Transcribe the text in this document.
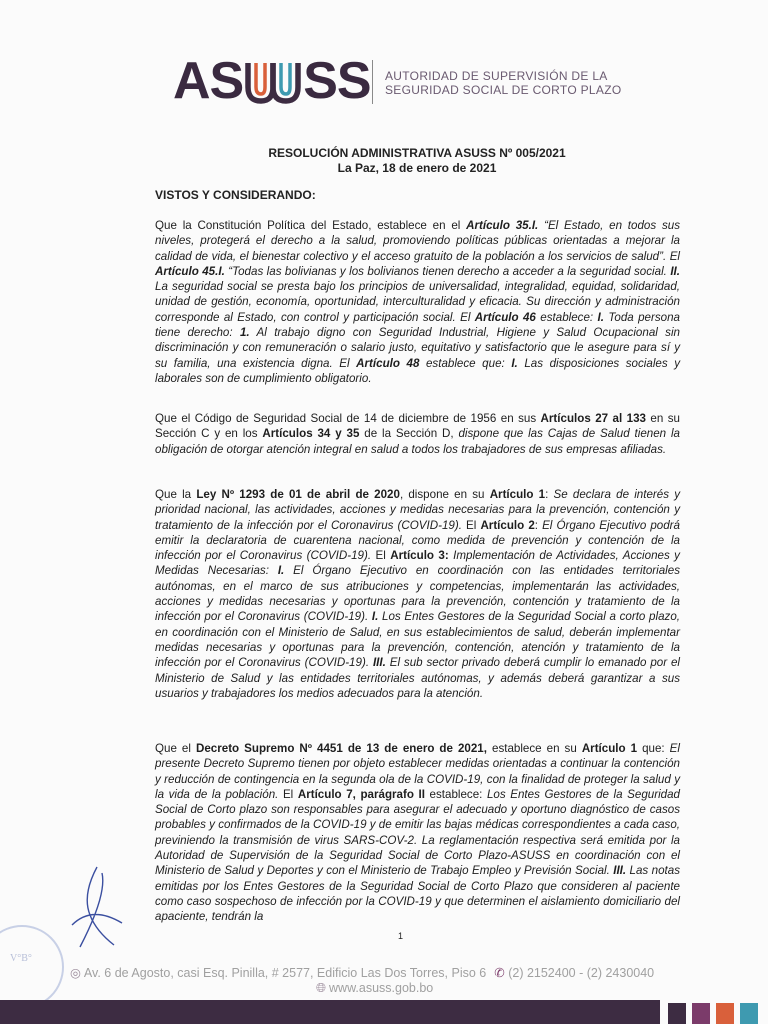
AS SS AUTORIDAD DE SUPERVISIÓN DE LA
SEGURIDAD SOCIAL DE CORTO PLAZO
RESOLUCIÓN ADMINISTRATIVA ASUSS Nº 005/2021
La Paz, 18 de enero de 2021
VISTOS Y CONSIDERANDO:
Que la Constitución Política del Estado, establece en el Artículo 35.I. “El Estado, en todos sus niveles, protegerá el derecho a la salud, promoviendo políticas públicas orientadas a mejorar la calidad de vida, el bienestar colectivo y el acceso gratuito de la población a los servicios de salud”. El Artículo 45.I. “Todas las bolivianas y los bolivianos tienen derecho a acceder a la seguridad social. II. La seguridad social se presta bajo los principios de universalidad, integralidad, equidad, solidaridad, unidad de gestión, economía, oportunidad, interculturalidad y eficacia. Su dirección y administración corresponde al Estado, con control y participación social. El Artículo 46 establece: I. Toda persona tiene derecho: 1. Al trabajo digno con Seguridad Industrial, Higiene y Salud Ocupacional sin discriminación y con remuneración o salario justo, equitativo y satisfactorio que le asegure para sí y su familia, una existencia digna. El Artículo 48 establece que: I. Las disposiciones sociales y laborales son de cumplimiento obligatorio.
Que el Código de Seguridad Social de 14 de diciembre de 1956 en sus Artículos 27 al 133 en su Sección C y en los Artículos 34 y 35 de la Sección D, dispone que las Cajas de Salud tienen la obligación de otorgar atención integral en salud a todos los trabajadores de sus empresas afiliadas.
Que la Ley Nº 1293 de 01 de abril de 2020, dispone en su Artículo 1: Se declara de interés y prioridad nacional, las actividades, acciones y medidas necesarias para la prevención, contención y tratamiento de la infección por el Coronavirus (COVID-19). El Artículo 2: El Órgano Ejecutivo podrá emitir la declaratoria de cuarentena nacional, como medida de prevención y contención de la infección por el Coronavirus (COVID-19). El Artículo 3: Implementación de Actividades, Acciones y Medidas Necesarias: I. El Órgano Ejecutivo en coordinación con las entidades territoriales autónomas, en el marco de sus atribuciones y competencias, implementarán las actividades, acciones y medidas necesarias y oportunas para la prevención, contención y tratamiento de la infección por el Coronavirus (COVID-19). I. Los Entes Gestores de la Seguridad Social a corto plazo, en coordinación con el Ministerio de Salud, en sus establecimientos de salud, deberán implementar medidas necesarias y oportunas para la prevención, contención, atención y tratamiento de la infección por el Coronavirus (COVID-19). III. El sub sector privado deberá cumplir lo emanado por el Ministerio de Salud y las entidades territoriales autónomas, y además deberá garantizar a sus usuarios y trabajadores los medios adecuados para la atención.
Que el Decreto Supremo Nº 4451 de 13 de enero de 2021, establece en su Artículo 1 que: El presente Decreto Supremo tienen por objeto establecer medidas orientadas a continuar la contención y reducción de contingencia en la segunda ola de la COVID-19, con la finalidad de proteger la salud y la vida de la población. El Artículo 7, parágrafo II establece: Los Entes Gestores de la Seguridad Social de Corto plazo son responsables para asegurar el adecuado y oportuno diagnóstico de casos probables y confirmados de la COVID-19 y de emitir las bajas médicas correspondientes a cada caso, previniendo la transmisión de virus SARS-COV-2. La reglamentación respectiva será emitida por la Autoridad de Supervisión de la Seguridad Social de Corto Plazo-ASUSS en coordinación con el Ministerio de Salud y Deportes y con el Ministerio de Trabajo Empleo y Previsión Social. III. Las notas emitidas por los Entes Gestores de la Seguridad Social de Corto Plazo que consideren al paciente como caso sospechoso de infección por la COVID-19 y que determinen el aislamiento domiciliario del apaciente, tendrán la
1
V°B°
◎ Av. 6 de Agosto, casi Esq. Pinilla, # 2577, Edificio Las Dos Torres, Piso 6 ✆ (2) 2152400 - (2) 2430040
🌐︎ www.asuss.gob.bo
